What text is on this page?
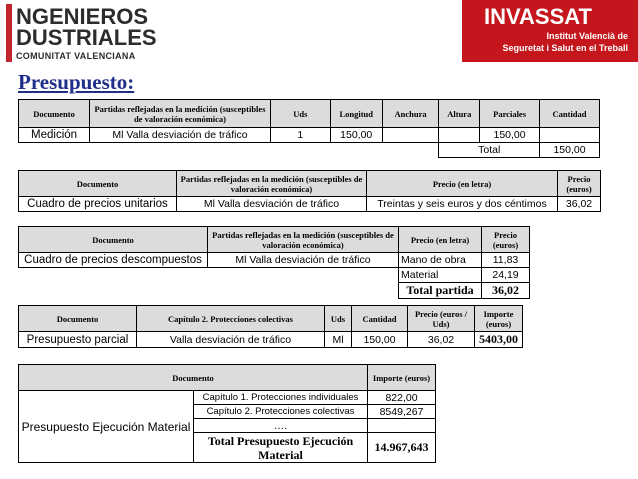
NGENIEROS
DUSTRIALES
COMUNITAT VALENCIANA
INVASSAT
Institut Valencià de
Seguretat i Salut en el Treball
Presupuesto:
Documento	Partidas reflejadas en la medición (susceptibles de valoración económica)	Uds	Longitud	Anchura	Altura	Parciales	Cantidad
Medición	Ml Valla desviación de tráfico	1	150,00			150,00	
					Total		150,00
Documento	Partidas reflejadas en la medición (susceptibles de valoración económica)	Precio (en letra)	Precio (euros)
Cuadro de precios unitarios	Ml Valla desviación de tráfico	Treintas y seis euros y dos céntimos	36,02
Documento	Partidas reflejadas en la medición (susceptibles de valoración económica)	Precio (en letra)	Precio (euros)
Cuadro de precios descompuestos	Ml Valla desviación de tráfico	Mano de obra	11,83
		Material	24,19
		Total partida	36,02
Documento	Capítulo 2. Protecciones colectivas	Uds	Cantidad	Precio (euros / Uds)	Importe (euros)
Presupuesto parcial	Valla desviación de tráfico	Ml	150,00	36,02	5403,00
Documento		Importe (euros)
Presupuesto Ejecución Material	Capítulo 1. Protecciones individuales	822,00
	Capítulo 2. Protecciones colectivas	8549,267
	….	
	Total Presupuesto Ejecución Material	14.967,643
